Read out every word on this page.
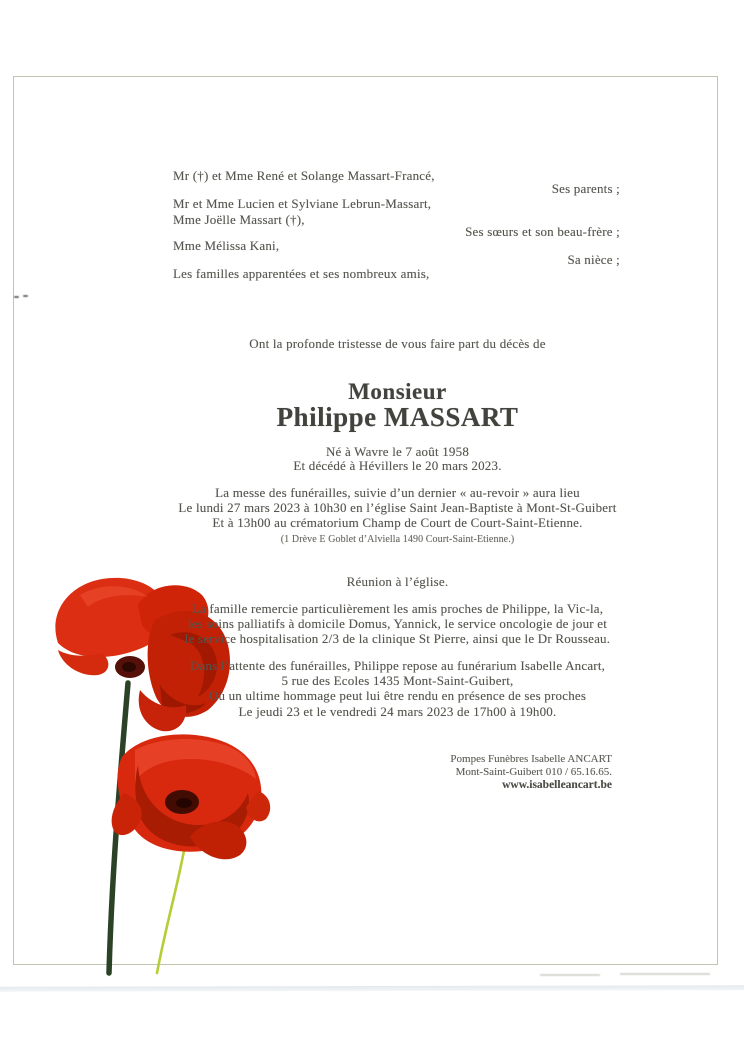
Mr (†) et Mme René et Solange Massart-Francé,
Ses parents ;
Mr et Mme Lucien et Sylviane Lebrun-Massart,
Mme Joëlle Massart (†),
Ses sœurs et son beau-frère ;
Mme Mélissa Kani,
Sa nièce ;
Les familles apparentées et ses nombreux amis,
Ont la profonde tristesse de vous faire part du décès de
Monsieur
Philippe MASSART
Né à Wavre le 7 août 1958
Et décédé à Hévillers le 20 mars 2023.
La messe des funérailles, suivie d’un dernier « au-revoir » aura lieu
Le lundi 27 mars 2023 à 10h30 en l’église Saint Jean-Baptiste à Mont-St-Guibert
Et à 13h00 au crématorium Champ de Court de Court-Saint-Etienne.
(1 Drève E Goblet d’Alviella 1490 Court-Saint-Etienne.)
Réunion à l’église.
La famille remercie particulièrement les amis proches de Philippe, la Vic-la,
les soins palliatifs à domicile Domus, Yannick, le service oncologie de jour et
le service hospitalisation 2/3 de la clinique St Pierre, ainsi que le Dr Rousseau.
Dans l’attente des funérailles, Philippe repose au funérarium Isabelle Ancart,
5 rue des Ecoles 1435 Mont-Saint-Guibert,
Où un ultime hommage peut lui être rendu en présence de ses proches
Le jeudi 23 et le vendredi 24 mars 2023 de 17h00 à 19h00.
Pompes Funèbres Isabelle ANCART
Mont-Saint-Guibert 010 / 65.16.65.
www.isabelleancart.be
